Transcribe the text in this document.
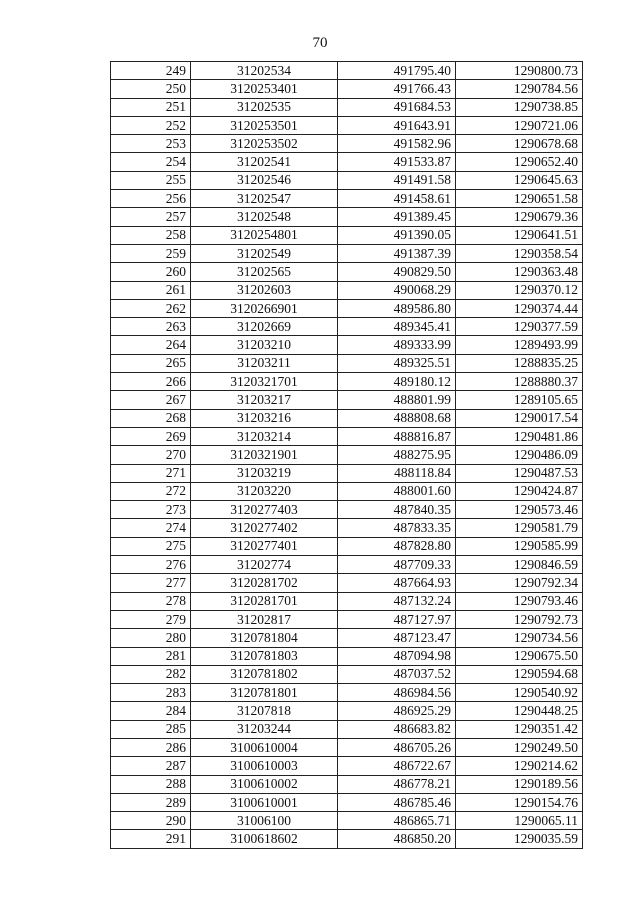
70
249	31202534	491795.40	1290800.73
250	3120253401	491766.43	1290784.56
251	31202535	491684.53	1290738.85
252	3120253501	491643.91	1290721.06
253	3120253502	491582.96	1290678.68
254	31202541	491533.87	1290652.40
255	31202546	491491.58	1290645.63
256	31202547	491458.61	1290651.58
257	31202548	491389.45	1290679.36
258	3120254801	491390.05	1290641.51
259	31202549	491387.39	1290358.54
260	31202565	490829.50	1290363.48
261	31202603	490068.29	1290370.12
262	3120266901	489586.80	1290374.44
263	31202669	489345.41	1290377.59
264	31203210	489333.99	1289493.99
265	31203211	489325.51	1288835.25
266	3120321701	489180.12	1288880.37
267	31203217	488801.99	1289105.65
268	31203216	488808.68	1290017.54
269	31203214	488816.87	1290481.86
270	3120321901	488275.95	1290486.09
271	31203219	488118.84	1290487.53
272	31203220	488001.60	1290424.87
273	3120277403	487840.35	1290573.46
274	3120277402	487833.35	1290581.79
275	3120277401	487828.80	1290585.99
276	31202774	487709.33	1290846.59
277	3120281702	487664.93	1290792.34
278	3120281701	487132.24	1290793.46
279	31202817	487127.97	1290792.73
280	3120781804	487123.47	1290734.56
281	3120781803	487094.98	1290675.50
282	3120781802	487037.52	1290594.68
283	3120781801	486984.56	1290540.92
284	31207818	486925.29	1290448.25
285	31203244	486683.82	1290351.42
286	3100610004	486705.26	1290249.50
287	3100610003	486722.67	1290214.62
288	3100610002	486778.21	1290189.56
289	3100610001	486785.46	1290154.76
290	31006100	486865.71	1290065.11
291	3100618602	486850.20	1290035.59
